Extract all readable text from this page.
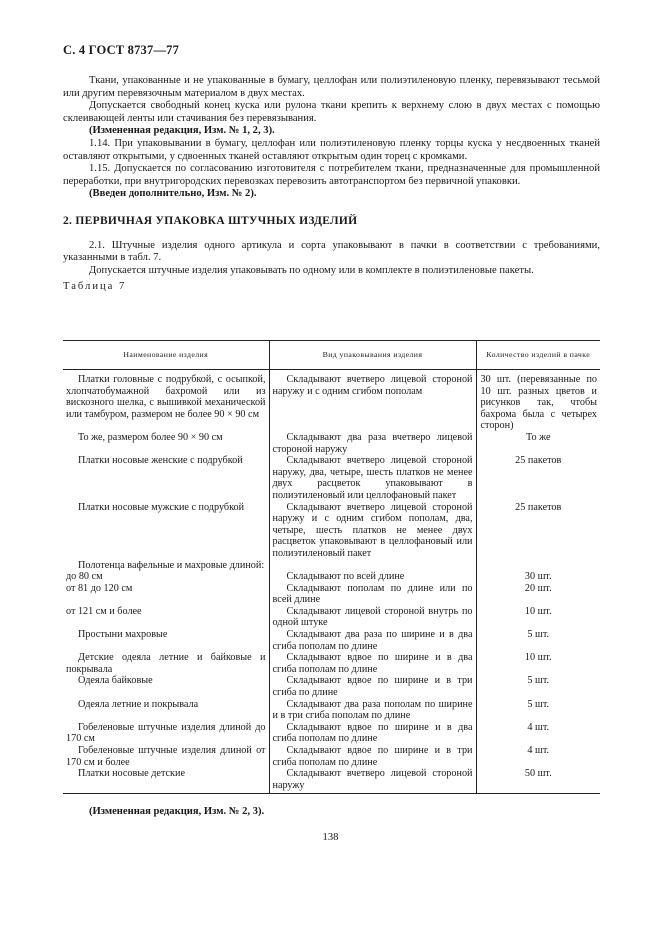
С. 4 ГОСТ 8737—77

Ткани, упакованные и не упакованные в бумагу, целлофан или полиэтиленовую пленку, перевязывают тесьмой или другим перевязочным материалом в двух местах.

Допускается свободный конец куска или рулона ткани крепить к верхнему слою в двух местах с помощью склеивающей ленты или стачивания без перевязывания.

(Измененная редакция, Изм. № 1, 2, 3).

1.14. При упаковывании в бумагу, целлофан или полиэтиленовую пленку торцы куска у несдвоенных тканей оставляют открытыми, у сдвоенных тканей оставляют открытым один торец с кромками.

1.15. Допускается по согласованию изготовителя с потребителем ткани, предназначенные для промышленной переработки, при внутригородских перевозках перевозить автотранспортом без первичной упаковки.

(Введен дополнительно, Изм. № 2).

2. ПЕРВИЧНАЯ УПАКОВКА ШТУЧНЫХ ИЗДЕЛИЙ

2.1. Штучные изделия одного артикула и сорта упаковывают в пачки в соответствии с требованиями, указанными в табл. 7.

Допускается штучные изделия упаковывать по одному или в комплекте в полиэтиленовые пакеты.

Таблица 7

Наименование изделия	Вид упаковывания изделия	Количество изделий в пачке
Платки головные с подрубкой, с осыпкой, хлопчатобумажной бахромой или из вискозного шелка, с вышивкой механической или тамбуром, размером не более 90 × 90 см	Складывают вчетверо лицевой стороной наружу и с одним сгибом пополам	30 шт. (перевязанные по 10 шт. разных цветов и рисунков так, чтобы бахрома была с четырех сторон)
То же, размером более 90 × 90 см	Складывают два раза вчетверо лицевой стороной наружу	То же
Платки носовые женские с подрубкой	Складывают вчетверо лицевой стороной наружу, два, четыре, шесть платков не менее двух расцветок упаковывают в полиэтиленовый или целлофановый пакет	25 пакетов
Платки носовые мужские с подрубкой	Складывают вчетверо лицевой стороной наружу и с одним сгибом пополам, два, четыре, шесть платков не менее двух расцветок упаковывают в целлофановый или полиэтиленовый пакет	25 пакетов
Полотенца вафельные и махровые длиной:		
до 80 см	Складывают по всей длине	30 шт.
от 81 до 120 см	Складывают пополам по длине или по всей длине	20 шт.
от 121 см и более	Складывают лицевой стороной внутрь по одной штуке	10 шт.
Простыни махровые	Складывают два раза по ширине и в два сгиба пополам по длине	5 шт.
Детские одеяла летние и байковые и покрывала	Складывают вдвое по ширине и в два сгиба пополам по длине	10 шт.
Одеяла байковые	Складывают вдвое по ширине и в три сгиба по длине	5 шт.
Одеяла летние и покрывала	Складывают два раза пополам по ширине и в три сгиба пополам по длине	5 шт.
Гобеленовые штучные изделия длиной до 170 см	Складывают вдвое по ширине и в два сгиба пополам по длине	4 шт.
Гобеленовые штучные изделия длиной от 170 см и более	Складывают вдвое по ширине и в три сгиба пополам по длине	4 шт.
Платки носовые детские	Складывают вчетверо лицевой стороной наружу	50 шт.
(Измененная редакция, Изм. № 2, 3).
138
